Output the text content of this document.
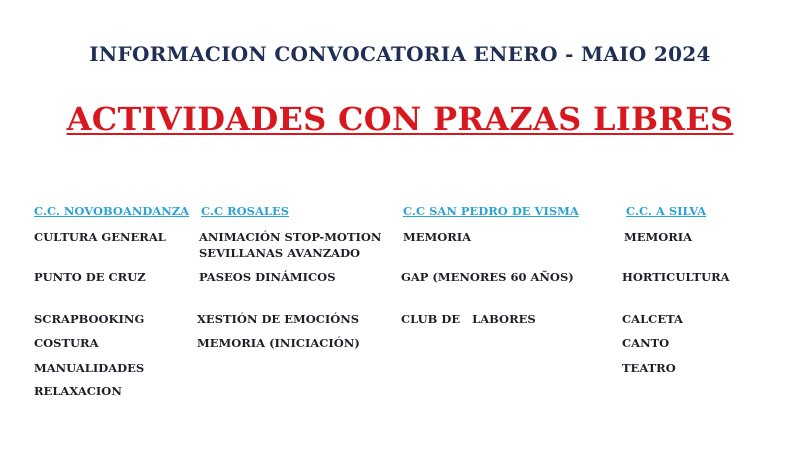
INFORMACION CONVOCATORIA ENERO - MAIO 2024
ACTIVIDADES CON PRAZAS LIBRES
C.C. NOVOBOANDANZA
CULTURA GENERAL
PUNTO DE CRUZ
SCRAPBOOKING
COSTURA
MANUALIDADES
RELAXACION
C.C ROSALES
ANIMACIÓN STOP-MOTION
SEVILLANAS AVANZADO
PASEOS DINÁMICOS
XESTIÓN DE EMOCIÓNS
MEMORIA (INICIACIÓN)
C.C SAN PEDRO DE VISMA
MEMORIA
GAP (MENORES 60 AÑOS)
CLUB DE   LABORES
C.C. A SILVA
MEMORIA
HORTICULTURA
CALCETA
CANTO
TEATRO
